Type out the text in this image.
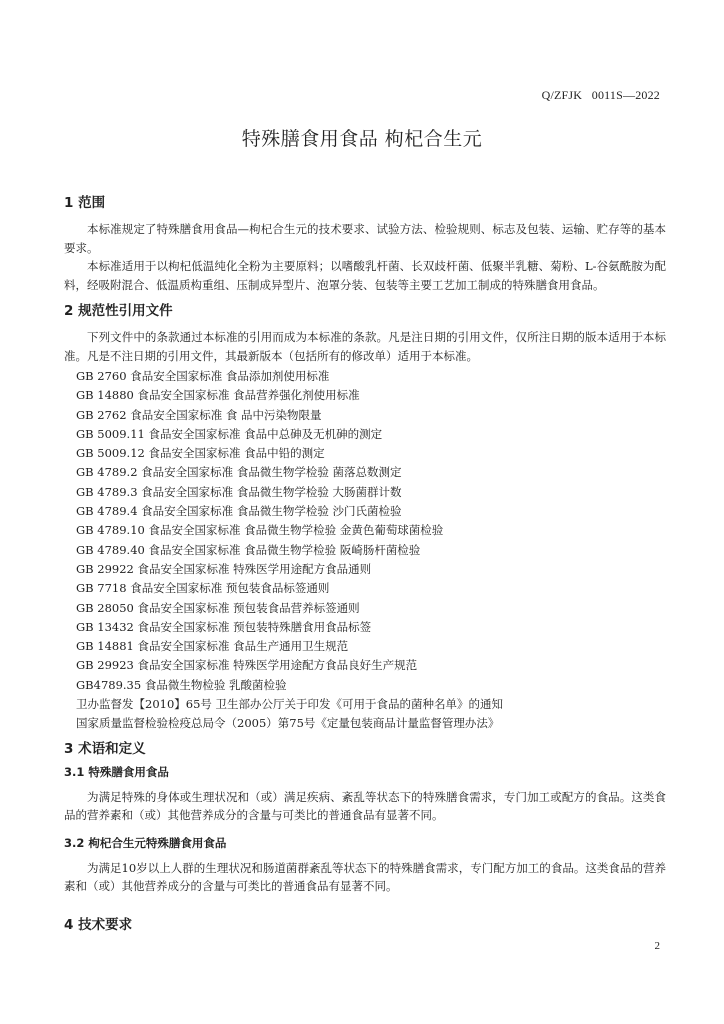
Q/ZFJK   0011S—2022
特殊膳食用食品 枸杞合生元
1 范围

本标准规定了特殊膳食用食品—枸杞合生元的技术要求、试验方法、检验规则、标志及包装、运输、贮存等的基本要求。

本标准适用于以枸杞低温纯化全粉为主要原料；以嗜酸乳杆菌、长双歧杆菌、低聚半乳糖、菊粉、L-谷氨酰胺为配料，经吸附混合、低温质构重组、压制成异型片、泡罩分装、包装等主要工艺加工制成的特殊膳食用食品。

2 规范性引用文件

下列文件中的条款通过本标准的引用而成为本标准的条款。凡是注日期的引用文件，仅所注日期的版本适用于本标准。凡是不注日期的引用文件，其最新版本（包括所有的修改单）适用于本标准。

GB 2760 食品安全国家标准 食品添加剂使用标准
GB 14880 食品安全国家标准 食品营养强化剂使用标准
GB 2762 食品安全国家标准 食 品中污染物限量
GB 5009.11 食品安全国家标准 食品中总砷及无机砷的测定
GB 5009.12 食品安全国家标准 食品中铅的测定
GB 4789.2 食品安全国家标准 食品微生物学检验 菌落总数测定
GB 4789.3 食品安全国家标准 食品微生物学检验 大肠菌群计数
GB 4789.4 食品安全国家标准 食品微生物学检验 沙门氏菌检验
GB 4789.10 食品安全国家标准 食品微生物学检验 金黄色葡萄球菌检验
GB 4789.40 食品安全国家标准 食品微生物学检验 阪崎肠杆菌检验
GB 29922 食品安全国家标准 特殊医学用途配方食品通则
GB 7718 食品安全国家标准 预包装食品标签通则
GB 28050 食品安全国家标准 预包装食品营养标签通则
GB 13432 食品安全国家标准 预包装特殊膳食用食品标签
GB 14881 食品安全国家标准 食品生产通用卫生规范
GB 29923 食品安全国家标准 特殊医学用途配方食品良好生产规范
GB4789.35 食品微生物检验 乳酸菌检验
卫办监督发【2010】65号 卫生部办公厅关于印发《可用于食品的菌种名单》的通知
国家质量监督检验检疫总局令（2005）第75号《定量包装商品计量监督管理办法》
3 术语和定义
3.1 特殊膳食用食品

为满足特殊的身体或生理状况和（或）满足疾病、紊乱等状态下的特殊膳食需求，专门加工或配方的食品。这类食品的营养素和（或）其他营养成分的含量与可类比的普通食品有显著不同。

3.2 枸杞合生元特殊膳食用食品

为满足10岁以上人群的生理状况和肠道菌群紊乱等状态下的特殊膳食需求，专门配方加工的食品。这类食品的营养素和（或）其他营养成分的含量与可类比的普通食品有显著不同。

4 技术要求
2
